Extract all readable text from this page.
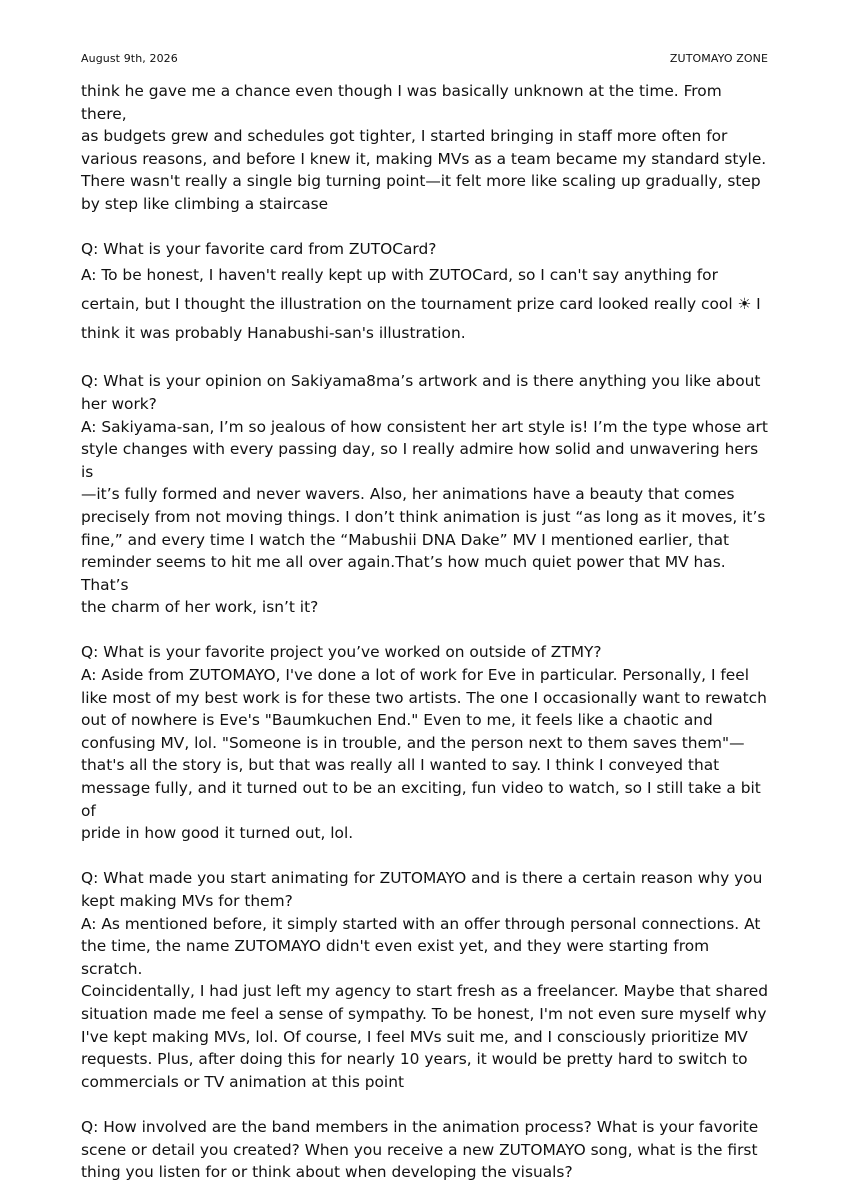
August 9th, 2026	ZUTOMAYO ZONE

think he gave me a chance even though I was basically unknown at the time. From there,
as budgets grew and schedules got tighter, I started bringing in staff more often for
various reasons, and before I knew it, making MVs as a team became my standard style.
There wasn't really a single big turning point—it felt more like scaling up gradually, step
by step like climbing a staircase

Q: What is your favorite card from ZUTOCard?

A: To be honest, I haven't really kept up with ZUTOCard, so I can't say anything for
certain, but I thought the illustration on the tournament prize card looked really cool ☀ I
think it was probably Hanabushi-san's illustration.

Q: What is your opinion on Sakiyama8ma’s artwork and is there anything you like about
her work?

A: Sakiyama-san, I’m so jealous of how consistent her art style is! I’m the type whose art
style changes with every passing day, so I really admire how solid and unwavering hers is
—it’s fully formed and never wavers. Also, her animations have a beauty that comes
precisely from not moving things. I don’t think animation is just “as long as it moves, it’s
fine,” and every time I watch the “Mabushii DNA Dake” MV I mentioned earlier, that
reminder seems to hit me all over again.That’s how much quiet power that MV has. That’s
the charm of her work, isn’t it?

Q: What is your favorite project you’ve worked on outside of ZTMY?

A: Aside from ZUTOMAYO, I've done a lot of work for Eve in particular. Personally, I feel
like most of my best work is for these two artists. The one I occasionally want to rewatch
out of nowhere is Eve's "Baumkuchen End." Even to me, it feels like a chaotic and
confusing MV, lol. "Someone is in trouble, and the person next to them saves them"—
that's all the story is, but that was really all I wanted to say. I think I conveyed that
message fully, and it turned out to be an exciting, fun video to watch, so I still take a bit of
pride in how good it turned out, lol.

Q: What made you start animating for ZUTOMAYO and is there a certain reason why you
kept making MVs for them?

A: As mentioned before, it simply started with an offer through personal connections. At
the time, the name ZUTOMAYO didn't even exist yet, and they were starting from scratch.
Coincidentally, I had just left my agency to start fresh as a freelancer. Maybe that shared
situation made me feel a sense of sympathy. To be honest, I'm not even sure myself why
I've kept making MVs, lol. Of course, I feel MVs suit me, and I consciously prioritize MV
requests. Plus, after doing this for nearly 10 years, it would be pretty hard to switch to
commercials or TV animation at this point

Q: How involved are the band members in the animation process? What is your favorite
scene or detail you created? When you receive a new ZUTOMAYO song, what is the first
thing you listen for or think about when developing the visuals?
